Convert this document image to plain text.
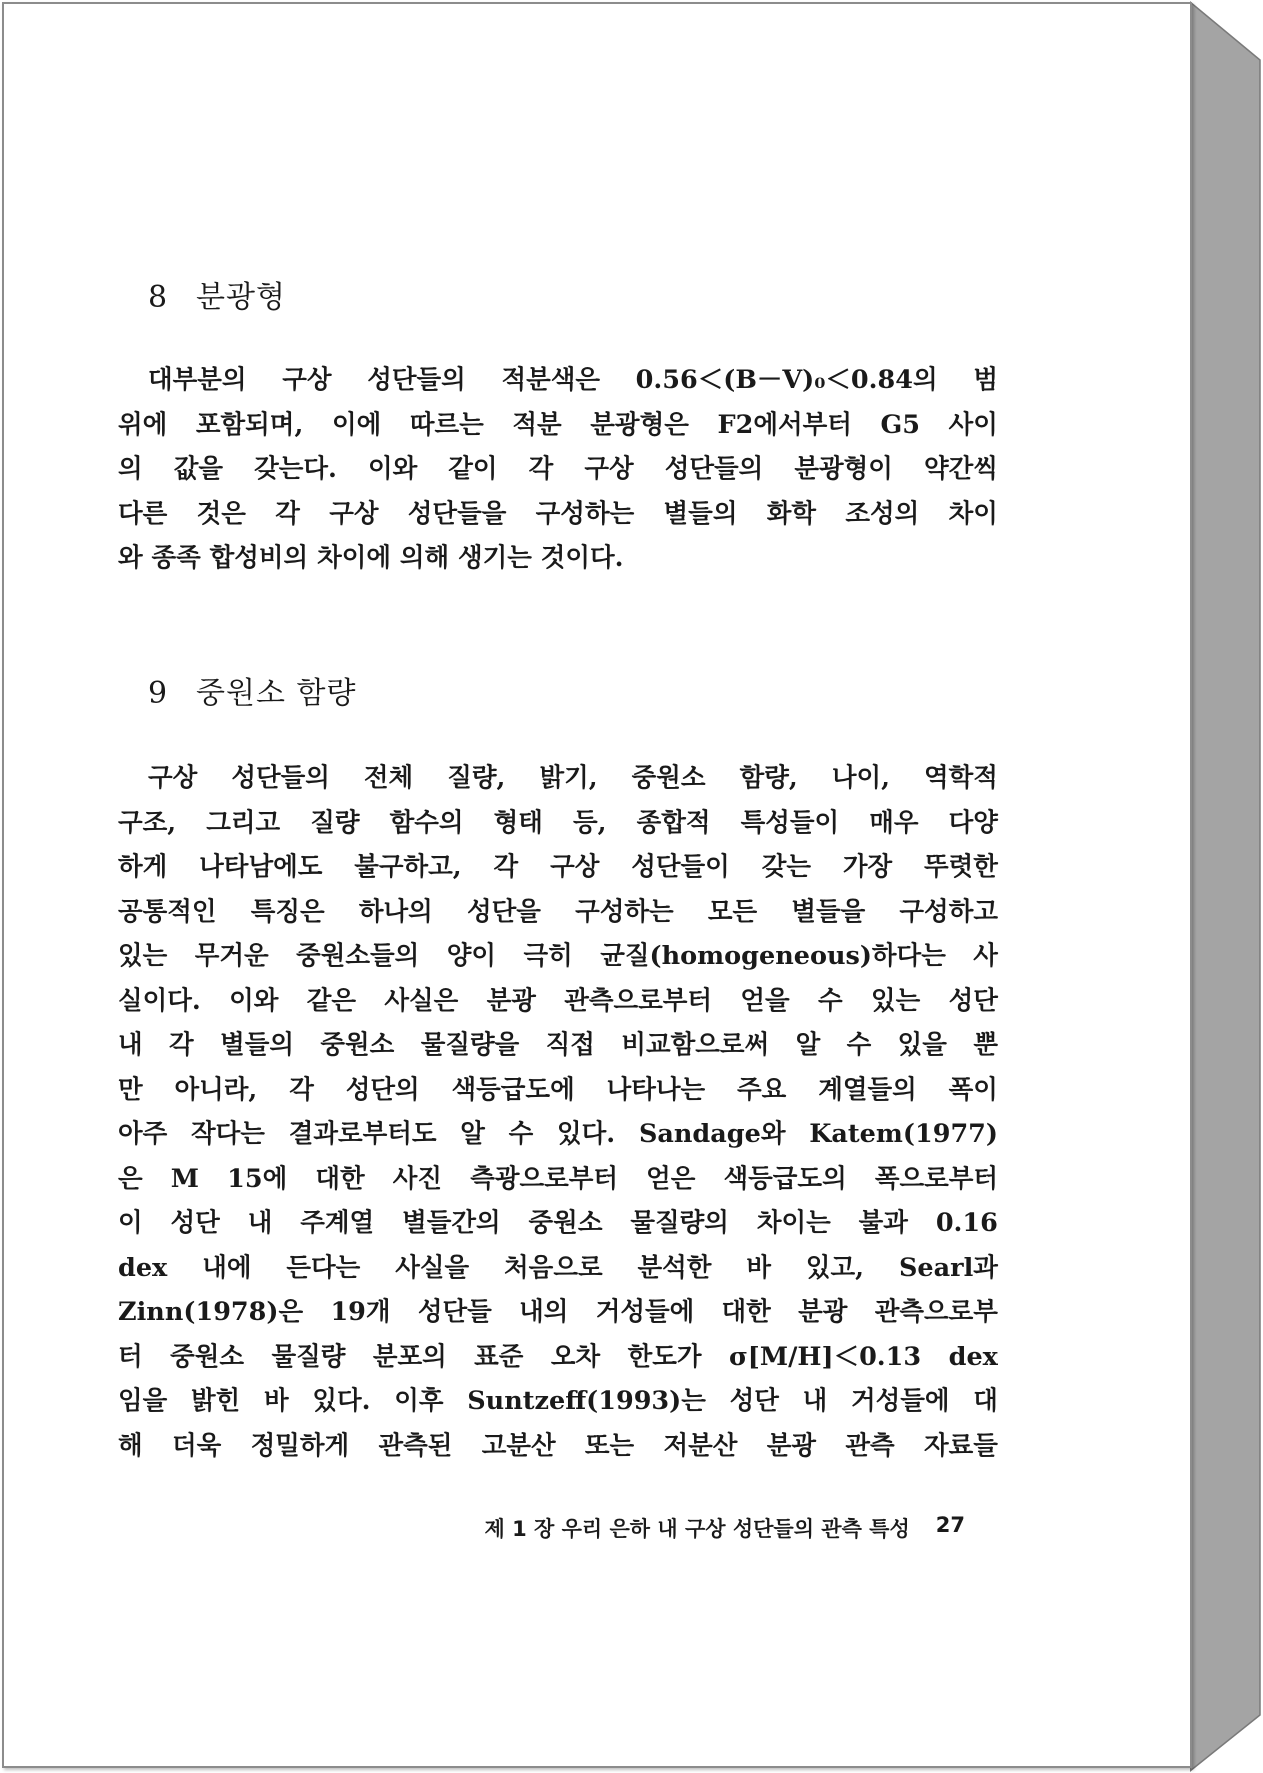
8 분광형
대부분의 구상 성단들의 적분색은 0.56＜(B－V)₀＜0.84의 범
위에 포함되며, 이에 따르는 적분 분광형은 F2에서부터 G5 사이
의 값을 갖는다. 이와 같이 각 구상 성단들의 분광형이 약간씩
다른 것은 각 구상 성단들을 구성하는 별들의 화학 조성의 차이
와 종족 합성비의 차이에 의해 생기는 것이다.
9 중원소 함량
구상 성단들의 전체 질량, 밝기, 중원소 함량, 나이, 역학적
구조, 그리고 질량 함수의 형태 등, 종합적 특성들이 매우 다양
하게 나타남에도 불구하고, 각 구상 성단들이 갖는 가장 뚜렷한
공통적인 특징은 하나의 성단을 구성하는 모든 별들을 구성하고
있는 무거운 중원소들의 양이 극히 균질(homogeneous)하다는 사
실이다. 이와 같은 사실은 분광 관측으로부터 얻을 수 있는 성단
내 각 별들의 중원소 물질량을 직접 비교함으로써 알 수 있을 뿐
만 아니라, 각 성단의 색등급도에 나타나는 주요 계열들의 폭이
아주 작다는 결과로부터도 알 수 있다. Sandage와 Katem(1977)
은 M 15에 대한 사진 측광으로부터 얻은 색등급도의 폭으로부터
이 성단 내 주계열 별들간의 중원소 물질량의 차이는 불과 0.16
dex 내에 든다는 사실을 처음으로 분석한 바 있고, Searl과
Zinn(1978)은 19개 성단들 내의 거성들에 대한 분광 관측으로부
터 중원소 물질량 분포의 표준 오차 한도가 σ[M/H]＜0.13 dex
임을 밝힌 바 있다. 이후 Suntzeff(1993)는 성단 내 거성들에 대
해 더욱 정밀하게 관측된 고분산 또는 저분산 분광 관측 자료들
제 1 장 우리 은하 내 구상 성단들의 관측 특성 27
